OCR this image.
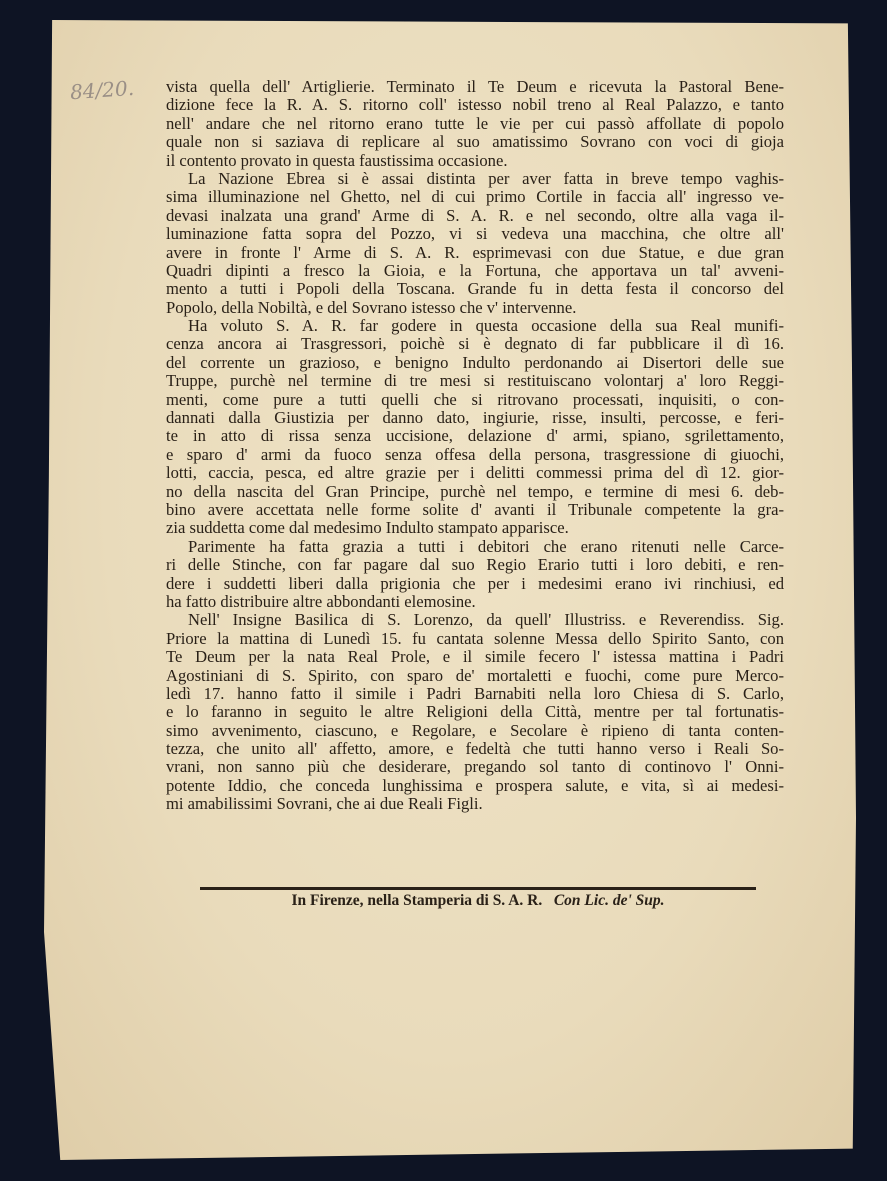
84/20. vista quella dell' Artiglierie. Terminato il Te Deum e ricevuta la Pastoral Bene-
dizione fece la R. A. S. ritorno coll' istesso nobil treno al Real Palazzo, e tanto
nell' andare che nel ritorno erano tutte le vie per cui passò affollate di popolo
quale non si saziava di replicare al suo amatissimo Sovrano con voci di gioja
il contento provato in questa faustissima occasione.
La Nazione Ebrea si è assai distinta per aver fatta in breve tempo vaghis-
sima illuminazione nel Ghetto, nel di cui primo Cortile in faccia all' ingresso ve-
devasi inalzata una grand' Arme di S. A. R. e nel secondo, oltre alla vaga il-
luminazione fatta sopra del Pozzo, vi si vedeva una macchina, che oltre all'
avere in fronte l' Arme di S. A. R. esprimevasi con due Statue, e due gran
Quadri dipinti a fresco la Gioia, e la Fortuna, che apportava un tal' avveni-
mento a tutti i Popoli della Toscana. Grande fu in detta festa il concorso del
Popolo, della Nobiltà, e del Sovrano istesso che v' intervenne.
Ha voluto S. A. R. far godere in questa occasione della sua Real munifi-
cenza ancora ai Trasgressori, poichè si è degnato di far pubblicare il dì 16.
del corrente un grazioso, e benigno Indulto perdonando ai Disertori delle sue
Truppe, purchè nel termine di tre mesi si restituiscano volontarj a' loro Reggi-
menti, come pure a tutti quelli che si ritrovano processati, inquisiti, o con-
dannati dalla Giustizia per danno dato, ingiurie, risse, insulti, percosse, e feri-
te in atto di rissa senza uccisione, delazione d' armi, spiano, sgrilettamento,
e sparo d' armi da fuoco senza offesa della persona, trasgressione di giuochi,
lotti, caccia, pesca, ed altre grazie per i delitti commessi prima del dì 12. gior-
no della nascita del Gran Principe, purchè nel tempo, e termine di mesi 6. deb-
bino avere accettata nelle forme solite d' avanti il Tribunale competente la gra-
zia suddetta come dal medesimo Indulto stampato apparisce.
Parimente ha fatta grazia a tutti i debitori che erano ritenuti nelle Carce-
ri delle Stinche, con far pagare dal suo Regio Erario tutti i loro debiti, e ren-
dere i suddetti liberi dalla prigionia che per i medesimi erano ivi rinchiusi, ed
ha fatto distribuire altre abbondanti elemosine.
Nell' Insigne Basilica di S. Lorenzo, da quell' Illustriss. e Reverendiss. Sig.
Priore la mattina di Lunedì 15. fu cantata solenne Messa dello Spirito Santo, con
Te Deum per la nata Real Prole, e il simile fecero l' istessa mattina i Padri
Agostiniani di S. Spirito, con sparo de' mortaletti e fuochi, come pure Merco-
ledì 17. hanno fatto il simile i Padri Barnabiti nella loro Chiesa di S. Carlo,
e lo faranno in seguito le altre Religioni della Città, mentre per tal fortunatis-
simo avvenimento, ciascuno, e Regolare, e Secolare è ripieno di tanta conten-
tezza, che unito all' affetto, amore, e fedeltà che tutti hanno verso i Reali So-
vrani, non sanno più che desiderare, pregando sol tanto di continovo l' Onni-
potente Iddio, che conceda lunghissima e prospera salute, e vita, sì ai medesi-
mi amabilissimi Sovrani, che ai due Reali Figli.
In Firenze, nella Stamperia di S. A. R. Con Lic. de' Sup.
